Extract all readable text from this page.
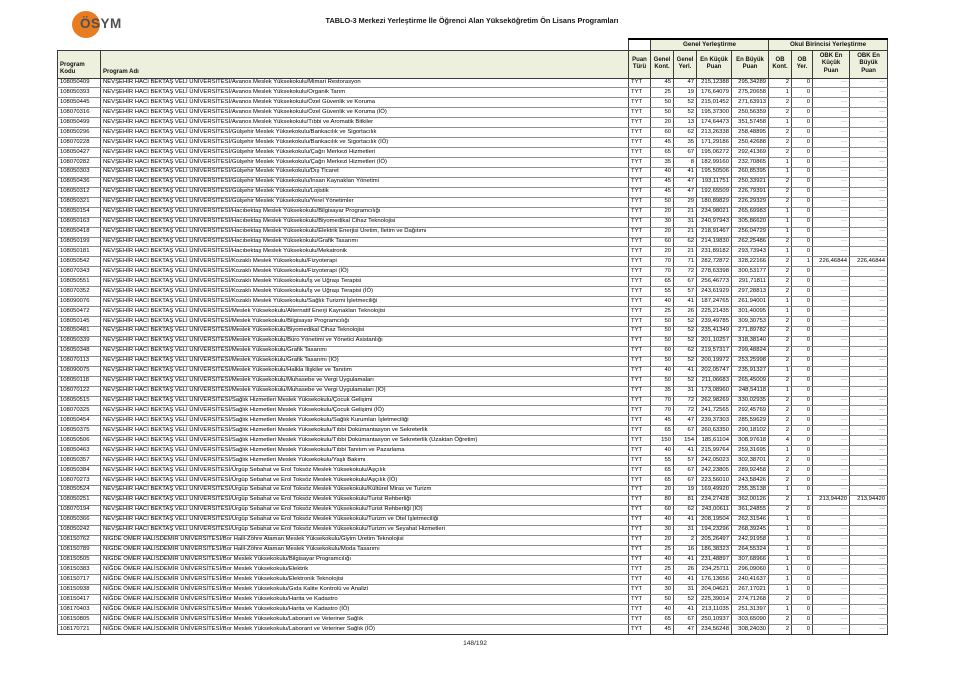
ÖSYM	TABLO-3 Merkezi Yerleştirme İle Öğrenci Alan Yükseköğretim Ön Lisans Programları
			Genel Yerleştirme				Okul Birincisi Yerleştirme			
Program Kodu	Program Adı	Puan Türü	Genel Kont.	Genel Yerl.	En Küçük Puan	En Büyük Puan	OB Kont.	OB Yer.	OBK En Küçük Puan	OBK En Büyük Puan
108050409	NEVŞEHİR HACI BEKTAŞ VELİ ÜNİVERSİTESİ/Avanos Meslek Yüksekokulu/Mimari Restorasyon	TYT	45	47	215,12388	295,34289	2	0	---	---
108050393	NEVŞEHİR HACI BEKTAŞ VELİ ÜNİVERSİTESİ/Avanos Meslek Yüksekokulu/Organik Tarım	TYT	25	19	176,64079	275,20658	1	0	---	---
108050445	NEVŞEHİR HACI BEKTAŞ VELİ ÜNİVERSİTESİ/Avanos Meslek Yüksekokulu/Özel Güvenlik ve Koruma	TYT	50	52	215,01452	271,63913	2	0	---	---
108070316	NEVŞEHİR HACI BEKTAŞ VELİ ÜNİVERSİTESİ/Avanos Meslek Yüksekokulu/Özel Güvenlik ve Koruma (İÖ)	TYT	50	52	195,37300	250,56359	2	0	---	---
108050499	NEVŞEHİR HACI BEKTAŞ VELİ ÜNİVERSİTESİ/Avanos Meslek Yüksekokulu/Tıbbi ve Aromatik Bitkiler	TYT	20	13	174,64473	351,57458	1	0	---	---
108050296	NEVŞEHİR HACI BEKTAŞ VELİ ÜNİVERSİTESİ/Gülşehir Meslek Yüksekokulu/Bankacılık ve Sigortacılık	TYT	60	62	213,26338	258,48895	2	0	---	---
108070228	NEVŞEHİR HACI BEKTAŞ VELİ ÜNİVERSİTESİ/Gülşehir Meslek Yüksekokulu/Bankacılık ve Sigortacılık (İÖ)	TYT	45	35	171,29186	250,42688	2	0	---	---
108050427	NEVŞEHİR HACI BEKTAŞ VELİ ÜNİVERSİTESİ/Gülşehir Meslek Yüksekokulu/Çağrı Merkezi Hizmetleri	TYT	65	67	195,06272	292,41369	2	0	---	---
108070282	NEVŞEHİR HACI BEKTAŞ VELİ ÜNİVERSİTESİ/Gülşehir Meslek Yüksekokulu/Çağrı Merkezi Hizmetleri (İÖ)	TYT	35	8	182,99160	232,70865	1	0	---	---
108050303	NEVŞEHİR HACI BEKTAŞ VELİ ÜNİVERSİTESİ/Gülşehir Meslek Yüksekokulu/Dış Ticaret	TYT	40	41	195,50506	260,85395	1	0	---	---
108050436	NEVŞEHİR HACI BEKTAŞ VELİ ÜNİVERSİTESİ/Gülşehir Meslek Yüksekokulu/İnsan Kaynakları Yönetimi	TYT	45	47	193,11751	250,33921	2	0	---	---
108050312	NEVŞEHİR HACI BEKTAŞ VELİ ÜNİVERSİTESİ/Gülşehir Meslek Yüksekokulu/Lojistik	TYT	45	47	192,65509	226,79391	2	0	---	---
108050321	NEVŞEHİR HACI BEKTAŞ VELİ ÜNİVERSİTESİ/Gülşehir Meslek Yüksekokulu/Yerel Yönetimler	TYT	50	29	180,89829	226,29329	2	0	---	---
108050154	NEVŞEHİR HACI BEKTAŞ VELİ ÜNİVERSİTESİ/Hacıbektaş Meslek Yüksekokulu/Bilgisayar Programcılığı	TYT	20	21	234,98021	265,69983	1	0	---	---
108050163	NEVŞEHİR HACI BEKTAŞ VELİ ÜNİVERSİTESİ/Hacıbektaş Meslek Yüksekokulu/Biyomedikal Cihaz Teknolojisi	TYT	30	31	240,97943	305,86620	1	0	---	---
108050418	NEVŞEHİR HACI BEKTAŞ VELİ ÜNİVERSİTESİ/Hacıbektaş Meslek Yüksekokulu/Elektrik Enerjisi Üretim, İletim ve Dağıtımı	TYT	20	21	218,91467	256,04729	1	0	---	---
108050199	NEVŞEHİR HACI BEKTAŞ VELİ ÜNİVERSİTESİ/Hacıbektaş Meslek Yüksekokulu/Grafik Tasarımı	TYT	60	62	214,19830	262,25486	2	0	---	---
108050181	NEVŞEHİR HACI BEKTAŞ VELİ ÜNİVERSİTESİ/Hacıbektaş Meslek Yüksekokulu/Mekatronik	TYT	20	21	231,89182	293,73943	1	0	---	---
108050542	NEVŞEHİR HACI BEKTAŞ VELİ ÜNİVERSİTESİ/Kozaklı Meslek Yüksekokulu/Fizyoterapi	TYT	70	71	282,72872	328,22166	2	1	226,46844	226,46844
108070343	NEVŞEHİR HACI BEKTAŞ VELİ ÜNİVERSİTESİ/Kozaklı Meslek Yüksekokulu/Fizyoterapi (İÖ)	TYT	70	72	278,63398	300,53177	2	0	---	---
108050551	NEVŞEHİR HACI BEKTAŞ VELİ ÜNİVERSİTESİ/Kozaklı Meslek Yüksekokulu/İş ve Uğraşı Terapisi	TYT	65	67	256,46773	291,71811	2	0	---	---
108070352	NEVŞEHİR HACI BEKTAŞ VELİ ÜNİVERSİTESİ/Kozaklı Meslek Yüksekokulu/İş ve Uğraşı Terapisi (İÖ)	TYT	55	57	243,61929	297,28813	2	0	---	---
108090076	NEVŞEHİR HACI BEKTAŞ VELİ ÜNİVERSİTESİ/Kozaklı Meslek Yüksekokulu/Sağlık Turizmi İşletmeciliği	TYT	40	41	187,24765	261,94001	1	0	---	---
108050472	NEVŞEHİR HACI BEKTAŞ VELİ ÜNİVERSİTESİ/Meslek Yüksekokulu/Alternatif Enerji Kaynakları Teknolojisi	TYT	25	26	225,21435	301,40095	1	0	---	---
108050145	NEVŞEHİR HACI BEKTAŞ VELİ ÜNİVERSİTESİ/Meslek Yüksekokulu/Bilgisayar Programcılığı	TYT	50	52	239,49785	309,30753	2	0	---	---
108050481	NEVŞEHİR HACI BEKTAŞ VELİ ÜNİVERSİTESİ/Meslek Yüksekokulu/Biyomedikal Cihaz Teknolojisi	TYT	50	52	235,41349	271,89782	2	0	---	---
108050339	NEVŞEHİR HACI BEKTAŞ VELİ ÜNİVERSİTESİ/Meslek Yüksekokulu/Büro Yönetimi ve Yönetici Asistanlığı	TYT	50	52	201,10257	318,38140	2	0	---	---
108050348	NEVŞEHİR HACI BEKTAŞ VELİ ÜNİVERSİTESİ/Meslek Yüksekokulu/Grafik Tasarımı	TYT	60	62	219,57317	299,48824	2	0	---	---
108070113	NEVŞEHİR HACI BEKTAŞ VELİ ÜNİVERSİTESİ/Meslek Yüksekokulu/Grafik Tasarımı (İÖ)	TYT	50	52	200,19972	253,25998	2	0	---	---
108090075	NEVŞEHİR HACI BEKTAŞ VELİ ÜNİVERSİTESİ/Meslek Yüksekokulu/Halkla İlişkiler ve Tanıtım	TYT	40	41	202,05747	235,91327	1	0	---	---
108050118	NEVŞEHİR HACI BEKTAŞ VELİ ÜNİVERSİTESİ/Meslek Yüksekokulu/Muhasebe ve Vergi Uygulamaları	TYT	50	52	211,06683	265,45009	2	0	---	---
108070122	NEVŞEHİR HACI BEKTAŞ VELİ ÜNİVERSİTESİ/Meslek Yüksekokulu/Muhasebe ve Vergi Uygulamaları (İÖ)	TYT	35	31	173,08960	248,54118	1	0	---	---
108050515	NEVŞEHİR HACI BEKTAŞ VELİ ÜNİVERSİTESİ/Sağlık Hizmetleri Meslek Yüksekokulu/Çocuk Gelişimi	TYT	70	72	262,98269	330,02935	2	0	---	---
108070325	NEVŞEHİR HACI BEKTAŞ VELİ ÜNİVERSİTESİ/Sağlık Hizmetleri Meslek Yüksekokulu/Çocuk Gelişimi (İÖ)	TYT	70	72	241,72565	292,45769	2	0	---	---
108050454	NEVŞEHİR HACI BEKTAŞ VELİ ÜNİVERSİTESİ/Sağlık Hizmetleri Meslek Yüksekokulu/Sağlık Kurumları İşletmeciliği	TYT	45	47	239,37303	285,59629	2	0	---	---
108050375	NEVŞEHİR HACI BEKTAŞ VELİ ÜNİVERSİTESİ/Sağlık Hizmetleri Meslek Yüksekokulu/Tıbbi Dokümantasyon ve Sekreterlik	TYT	65	67	260,63350	290,18102	2	0	---	---
108050506	NEVŞEHİR HACI BEKTAŞ VELİ ÜNİVERSİTESİ/Sağlık Hizmetleri Meslek Yüksekokulu/Tıbbi Dokümantasyon ve Sekreterlik (Uzaktan Öğretim)	TYT	150	154	185,61104	308,97618	4	0	---	---
108050463	NEVŞEHİR HACI BEKTAŞ VELİ ÜNİVERSİTESİ/Sağlık Hizmetleri Meslek Yüksekokulu/Tıbbi Tanıtım ve Pazarlama	TYT	40	41	215,99764	259,31695	1	0	---	---
108050357	NEVŞEHİR HACI BEKTAŞ VELİ ÜNİVERSİTESİ/Sağlık Hizmetleri Meslek Yüksekokulu/Yaşlı Bakımı	TYT	55	57	242,05023	302,38701	2	0	---	---
108050384	NEVŞEHİR HACI BEKTAŞ VELİ ÜNİVERSİTESİ/Ürgüp Sebahat ve Erol Toksöz Meslek Yüksekokulu/Aşçılık	TYT	65	67	242,23805	289,92458	2	0	---	---
108070273	NEVŞEHİR HACI BEKTAŞ VELİ ÜNİVERSİTESİ/Ürgüp Sebahat ve Erol Toksöz Meslek Yüksekokulu/Aşçılık (İÖ)	TYT	65	67	223,56010	243,58426	2	0	---	---
108050524	NEVŞEHİR HACI BEKTAŞ VELİ ÜNİVERSİTESİ/Ürgüp Sebahat ve Erol Toksöz Meslek Yüksekokulu/Kültürel Miras ve Turizm	TYT	20	19	169,49920	255,35138	1	0	---	---
108050251	NEVŞEHİR HACI BEKTAŞ VELİ ÜNİVERSİTESİ/Ürgüp Sebahat ve Erol Toksöz Meslek Yüksekokulu/Turist Rehberliği	TYT	80	81	234,27428	362,00126	2	1	213,94420	213,94420
108070194	NEVŞEHİR HACI BEKTAŞ VELİ ÜNİVERSİTESİ/Ürgüp Sebahat ve Erol Toksöz Meslek Yüksekokulu/Turist Rehberliği (İÖ)	TYT	60	62	243,00611	361,24855	2	0	---	---
108050366	NEVŞEHİR HACI BEKTAŞ VELİ ÜNİVERSİTESİ/Ürgüp Sebahat ve Erol Toksöz Meslek Yüksekokulu/Turizm ve Otel İşletmeciliği	TYT	40	41	208,19504	262,31546	1	0	---	---
108050242	NEVŞEHİR HACI BEKTAŞ VELİ ÜNİVERSİTESİ/Ürgüp Sebahat ve Erol Toksöz Meslek Yüksekokulu/Turizm ve Seyahat Hizmetleri	TYT	30	31	194,23296	268,39245	1	0	---	---
108150762	NİĞDE ÖMER HALİSDEMİR ÜNİVERSİTESİ/Bor Halil-Zöhre Ataman Meslek Yüksekokulu/Giyim Üretim Teknolojisi	TYT	20	2	205,26497	242,91958	1	0	---	---
108150789	NİĞDE ÖMER HALİSDEMİR ÜNİVERSİTESİ/Bor Halil-Zöhre Ataman Meslek Yüksekokulu/Moda Tasarımı	TYT	25	16	186,38323	264,55324	1	0	---	---
108150505	NİĞDE ÖMER HALİSDEMİR ÜNİVERSİTESİ/Bor Meslek Yüksekokulu/Bilgisayar Programcılığı	TYT	40	41	231,48897	307,68966	1	0	---	---
108150383	NİĞDE ÖMER HALİSDEMİR ÜNİVERSİTESİ/Bor Meslek Yüksekokulu/Elektrik	TYT	25	26	234,25711	296,09060	1	0	---	---
108150717	NİĞDE ÖMER HALİSDEMİR ÜNİVERSİTESİ/Bor Meslek Yüksekokulu/Elektronik Teknolojisi	TYT	40	41	176,13656	240,41637	1	0	---	---
108150938	NİĞDE ÖMER HALİSDEMİR ÜNİVERSİTESİ/Bor Meslek Yüksekokulu/Gıda Kalite Kontrolü ve Analizi	TYT	30	31	204,04621	267,17021	1	0	---	---
108150417	NİĞDE ÖMER HALİSDEMİR ÜNİVERSİTESİ/Bor Meslek Yüksekokulu/Harita ve Kadastro	TYT	50	52	225,39014	274,71268	2	0	---	---
108170403	NİĞDE ÖMER HALİSDEMİR ÜNİVERSİTESİ/Bor Meslek Yüksekokulu/Harita ve Kadastro (İÖ)	TYT	40	41	213,11035	251,31397	1	0	---	---
108150805	NİĞDE ÖMER HALİSDEMİR ÜNİVERSİTESİ/Bor Meslek Yüksekokulu/Laborant ve Veteriner Sağlık	TYT	65	67	250,10937	303,65090	2	0	---	---
108170721	NİĞDE ÖMER HALİSDEMİR ÜNİVERSİTESİ/Bor Meslek Yüksekokulu/Laborant ve Veteriner Sağlık (İÖ)	TYT	45	47	234,56248	308,24030	2	0	---	---
148/192
